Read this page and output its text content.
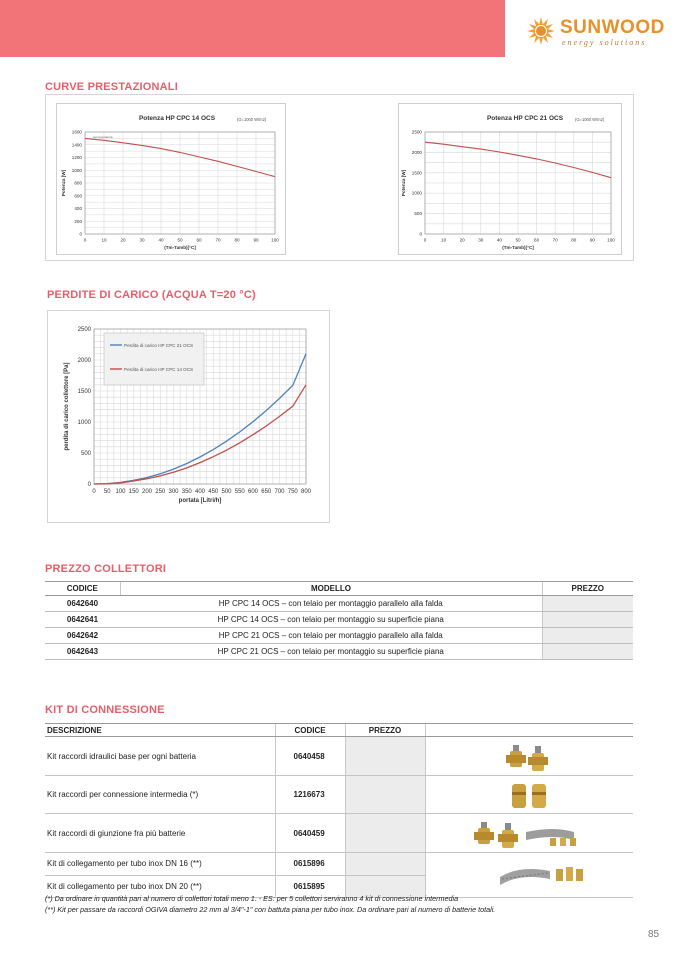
SUNWOOD
energy solutions
CURVE PRESTAZIONALI
0
200
400
600
800
1000
1200
1400
1600
0	10	20	30	40	50	60	70	80	90	100
Potenza HP CPC 14 OCS	(G=1000 W/m2)
(Tm-Tamb)[°C]
Potenza [W]
curva potenza
0
500
1000
1500
2000
2500
0	10	20	30	40	50	60	70	80	90	100
Potenza HP CPC 21 OCS	(G=1000 W/m2)
(Tm-Tamb)[°C]
Potenza [W]
PERDITE DI CARICO (ACQUA T=20 °C)
0
500
1000
1500
2000
2500
0 50 100 150 200 250 300 350 400 450 500 550 600 650 700 750 800
portata [Litri/h]
perdita di carico collettore [Pa]
Perdita di carico HP CPC 21 OCS
Perdita di carico HP CPC 14 OCS
PREZZO COLLETTORI
CODICE	MODELLO	PREZZO
0642640	HP CPC 14 OCS – con telaio per montaggio parallelo alla falda	
0642641	HP CPC 14 OCS – con telaio per montaggio su superficie piana	
0642642	HP CPC 21 OCS – con telaio per montaggio parallelo alla falda	
0642643	HP CPC 21 OCS – con telaio per montaggio su superficie piana	
KIT DI CONNESSIONE
DESCRIZIONE	CODICE	PREZZO	
Kit raccordi idraulici base per ogni batteria	0640458		
Kit raccordi per connessione intermedia (*)	1216673		
Kit raccordi di giunzione fra più batterie	0640459		
Kit di collegamento per tubo inox DN 16 (**)	0615896		
Kit di collegamento per tubo inox DN 20 (**)	0615895		
(*) Da ordinare in quantità pari al numero di collettori totali meno 1. - ES: per 5 collettori serviranno 4 kit di connessione intermedia
(**) Kit per passare da raccordi OGIVA diametro 22 mm al 3/4"-1" con battuta piana per tubo inox. Da ordinare pari al numero di batterie totali.
85
